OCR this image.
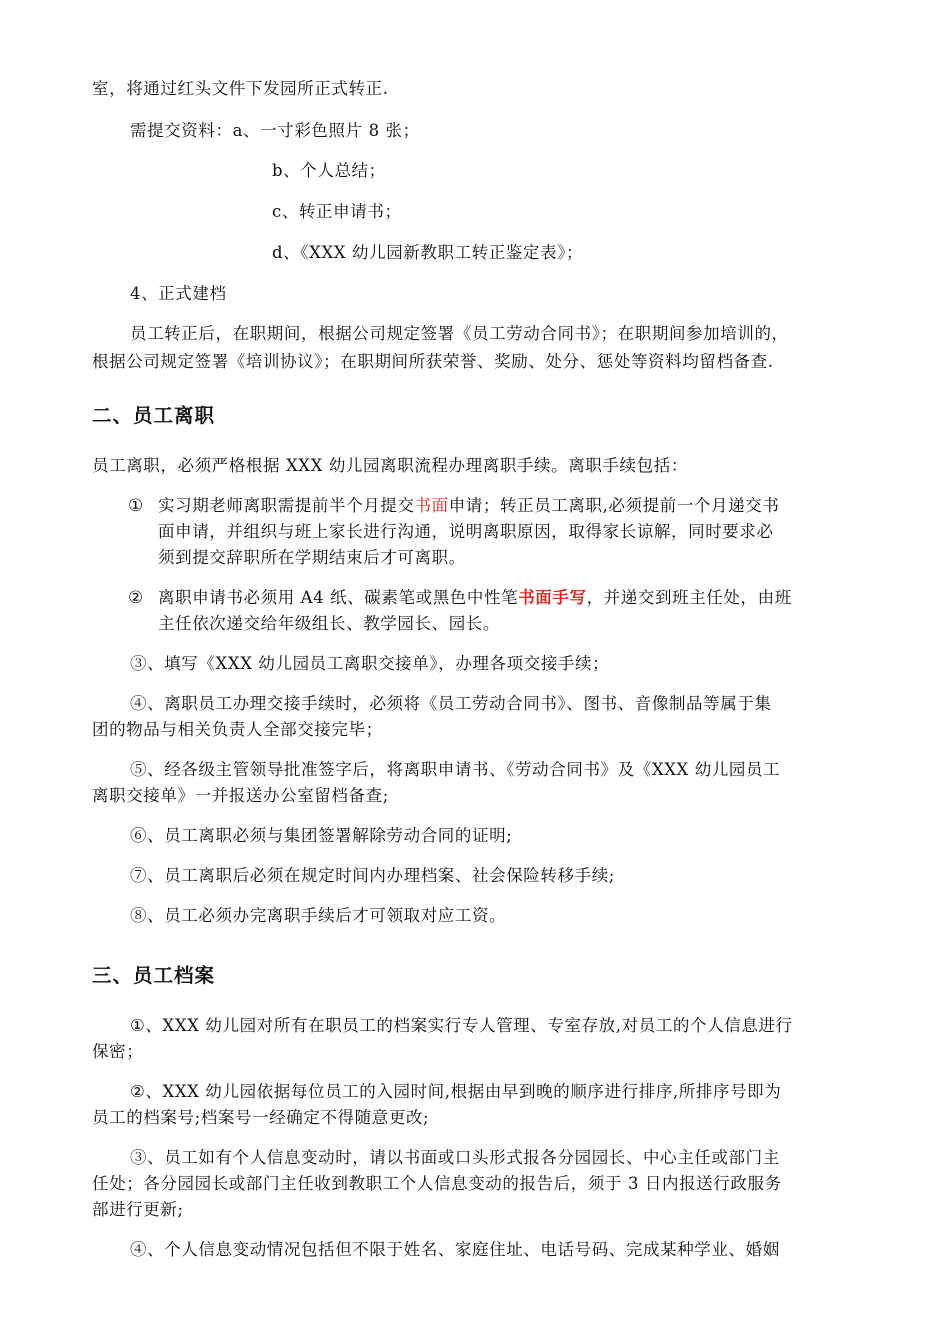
室，将通过红头文件下发园所正式转正.
需提交资料：a、一寸彩色照片 8 张；
b、个人总结；
c、转正申请书；
d、《XXX 幼儿园新教职工转正鉴定表》；
4、正式建档
员工转正后，在职期间，根据公司规定签署《员工劳动合同书》；在职期间参加培训的，
根据公司规定签署《培训协议》；在职期间所获荣誉、奖励、处分、惩处等资料均留档备查.
二、员工离职
员工离职，必须严格根据 XXX 幼儿园离职流程办理离职手续。离职手续包括：
① 实习期老师离职需提前半个月提交书面申请；转正员工离职,必须提前一个月递交书
面申请，并组织与班上家长进行沟通，说明离职原因，取得家长谅解，同时要求必
须到提交辞职所在学期结束后才可离职。
② 离职申请书必须用 A4 纸、碳素笔或黑色中性笔书面手写，并递交到班主任处，由班
主任依次递交给年级组长、教学园长、园长。
③、填写《XXX 幼儿园员工离职交接单》，办理各项交接手续；
④、离职员工办理交接手续时，必须将《员工劳动合同书》、图书、音像制品等属于集
团的物品与相关负责人全部交接完毕；
⑤、经各级主管领导批准签字后，将离职申请书、《劳动合同书》及《XXX 幼儿园员工
离职交接单》一并报送办公室留档备查;
⑥、员工离职必须与集团签署解除劳动合同的证明;
⑦、员工离职后必须在规定时间内办理档案、社会保险转移手续;
⑧、员工必须办完离职手续后才可领取对应工资。
三、员工档案
①、XXX 幼儿园对所有在职员工的档案实行专人管理、专室存放,对员工的个人信息进行
保密；
②、XXX 幼儿园依据每位员工的入园时间,根据由早到晚的顺序进行排序,所排序号即为
员工的档案号;档案号一经确定不得随意更改;
③、员工如有个人信息变动时，请以书面或口头形式报各分园园长、中心主任或部门主
任处；各分园园长或部门主任收到教职工个人信息变动的报告后，须于 3 日内报送行政服务
部进行更新;
④、个人信息变动情况包括但不限于姓名、家庭住址、电话号码、完成某种学业、婚姻
